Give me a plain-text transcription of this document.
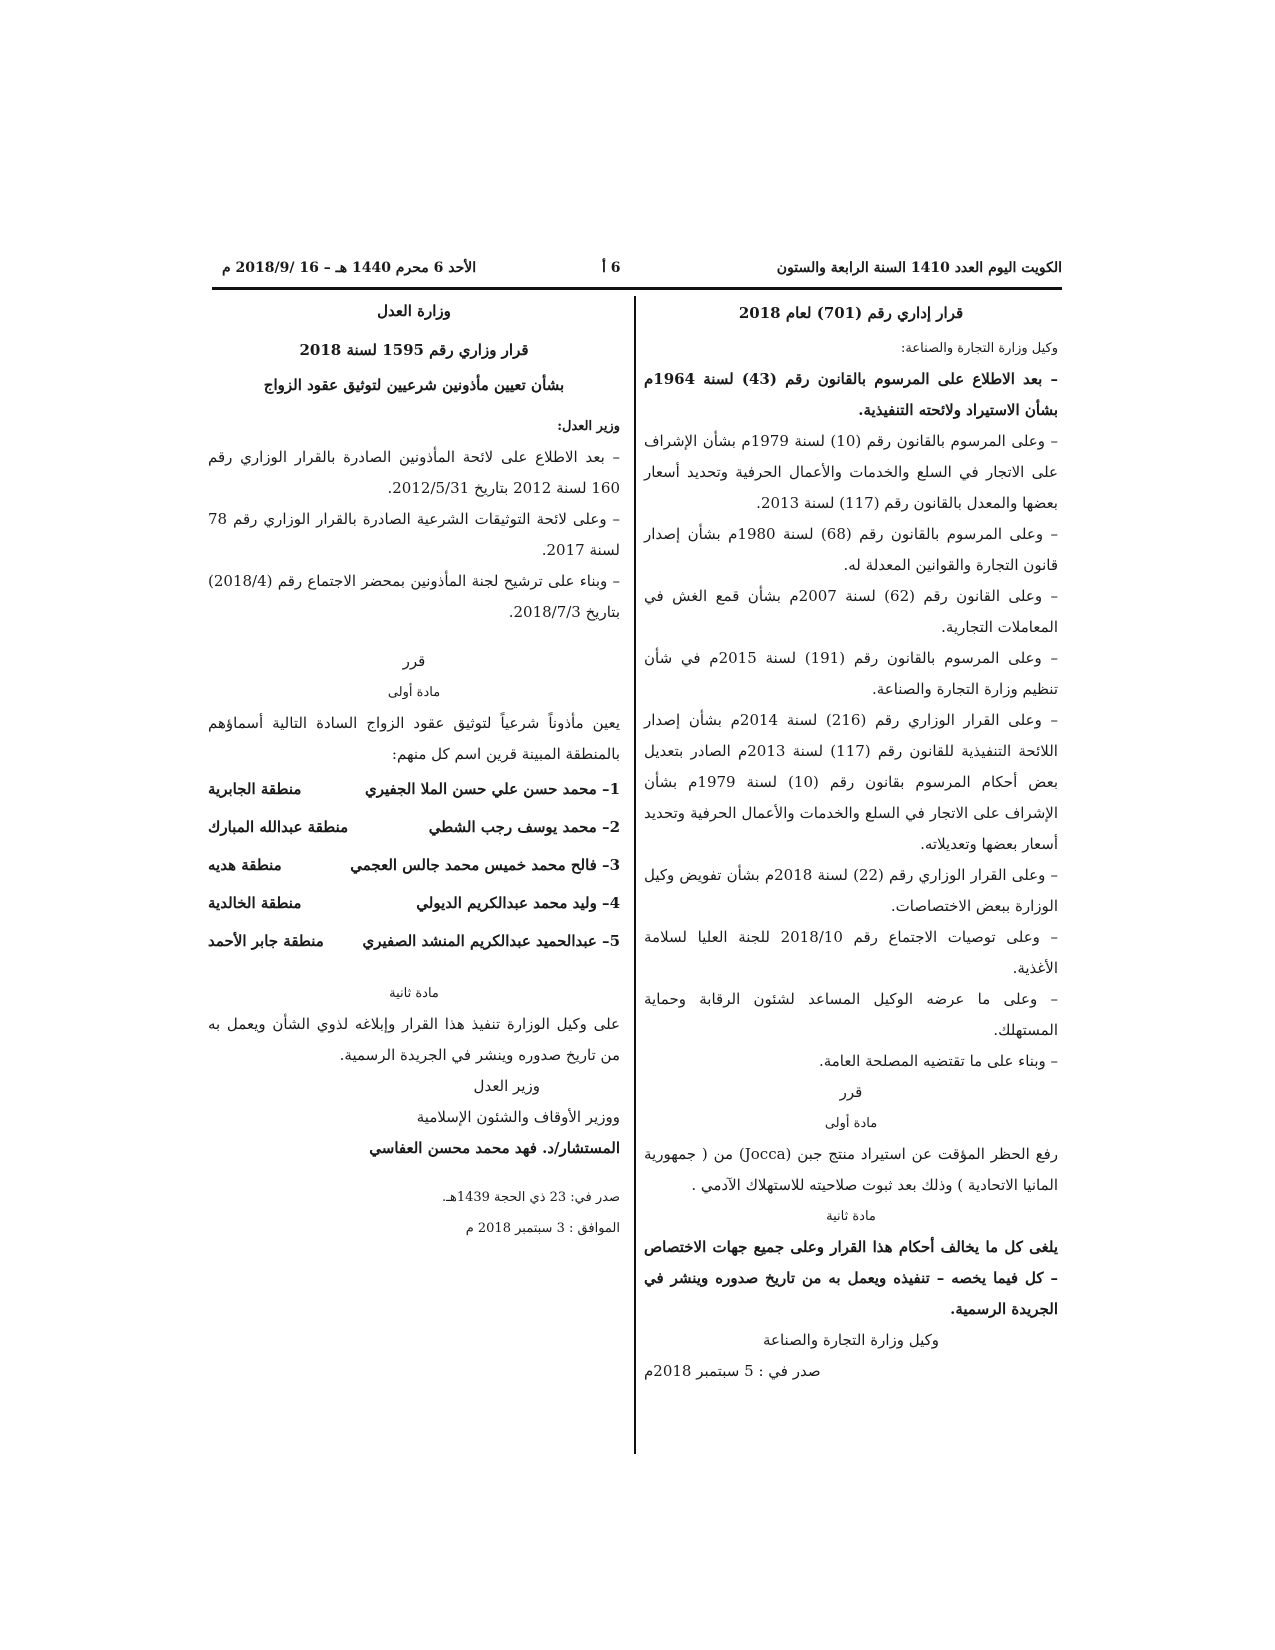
الكويت اليوم العدد 1410 السنة الرابعة والستون
6 أ
الأحد 6 محرم 1440 هـ – 16 /2018/9 م

قرار إداري رقم (701) لعام 2018

وكيل وزارة التجارة والصناعة:

– بعد الاطلاع على المرسوم بالقانون رقم (43) لسنة 1964م بشأن الاستيراد ولائحته التنفيذية.

– وعلى المرسوم بالقانون رقم (10) لسنة 1979م بشأن الإشراف على الاتجار في السلع والخدمات والأعمال الحرفية وتحديد أسعار بعضها والمعدل بالقانون رقم (117) لسنة 2013.

– وعلى المرسوم بالقانون رقم (68) لسنة 1980م بشأن إصدار قانون التجارة والقوانين المعدلة له.

– وعلى القانون رقم (62) لسنة 2007م بشأن قمع الغش في المعاملات التجارية.

– وعلى المرسوم بالقانون رقم (191) لسنة 2015م في شأن تنظيم وزارة التجارة والصناعة.

– وعلى القرار الوزاري رقم (216) لسنة 2014م بشأن إصدار اللائحة التنفيذية للقانون رقم (117) لسنة 2013م الصادر بتعديل بعض أحكام المرسوم بقانون رقم (10) لسنة 1979م بشأن الإشراف على الاتجار في السلع والخدمات والأعمال الحرفية وتحديد أسعار بعضها وتعديلاته.

– وعلى القرار الوزاري رقم (22) لسنة 2018م بشأن تفويض وكيل الوزارة ببعض الاختصاصات.

– وعلى توصيات الاجتماع رقم 2018/10 للجنة العليا لسلامة الأغذية.

– وعلى ما عرضه الوكيل المساعد لشئون الرقابة وحماية المستهلك.

– وبناء على ما تقتضيه المصلحة العامة.

قرر

مادة أولى

رفع الحظر المؤقت عن استيراد منتج جبن (Jocca) من ( جمهورية المانيا الاتحادية ) وذلك بعد ثبوت صلاحيته للاستهلاك الآدمي .

مادة ثانية

يلغى كل ما يخالف أحكام هذا القرار وعلى جميع جهات الاختصاص – كل فيما يخصه – تنفيذه ويعمل به من تاريخ صدوره وينشر في الجريدة الرسمية.

وكيل وزارة التجارة والصناعة

صدر في : 5 سبتمبر 2018م

وزارة العدل

قرار وزاري رقم 1595 لسنة 2018

بشأن تعيين مأذونين شرعيين لتوثيق عقود الزواج

وزير العدل:

– بعد الاطلاع على لائحة المأذونين الصادرة بالقرار الوزاري رقم 160 لسنة 2012 بتاريخ 2012/5/31.

– وعلى لائحة التوثيقات الشرعية الصادرة بالقرار الوزاري رقم 78 لسنة 2017.

– وبناء على ترشيح لجنة المأذونين بمحضر الاجتماع رقم (2018/4) بتاريخ 2018/7/3.

قرر

مادة أولى

يعين مأذوناً شرعياً لتوثيق عقود الزواج السادة التالية أسماؤهم بالمنطقة المبينة قرين اسم كل منهم:

1– محمد حسن علي حسن الملا الجفيري
منطقة الجابرية
2– محمد يوسف رجب الشطي
منطقة عبدالله المبارك
3– فالح محمد خميس محمد جالس العجمي
منطقة هديه
4– وليد محمد عبدالكريم الديولي
منطقة الخالدية
5– عبدالحميد عبدالكريم المنشد الصفيري
منطقة جابر الأحمد

مادة ثانية

على وكيل الوزارة تنفيذ هذا القرار وإبلاغه لذوي الشأن ويعمل به من تاريخ صدوره وينشر في الجريدة الرسمية.

وزير العدل

ووزير الأوقاف والشئون الإسلامية

المستشار/د. فهد محمد محسن العفاسي

صدر في: 23 ذي الحجة 1439هـ.

الموافق : 3 سبتمبر 2018 م
